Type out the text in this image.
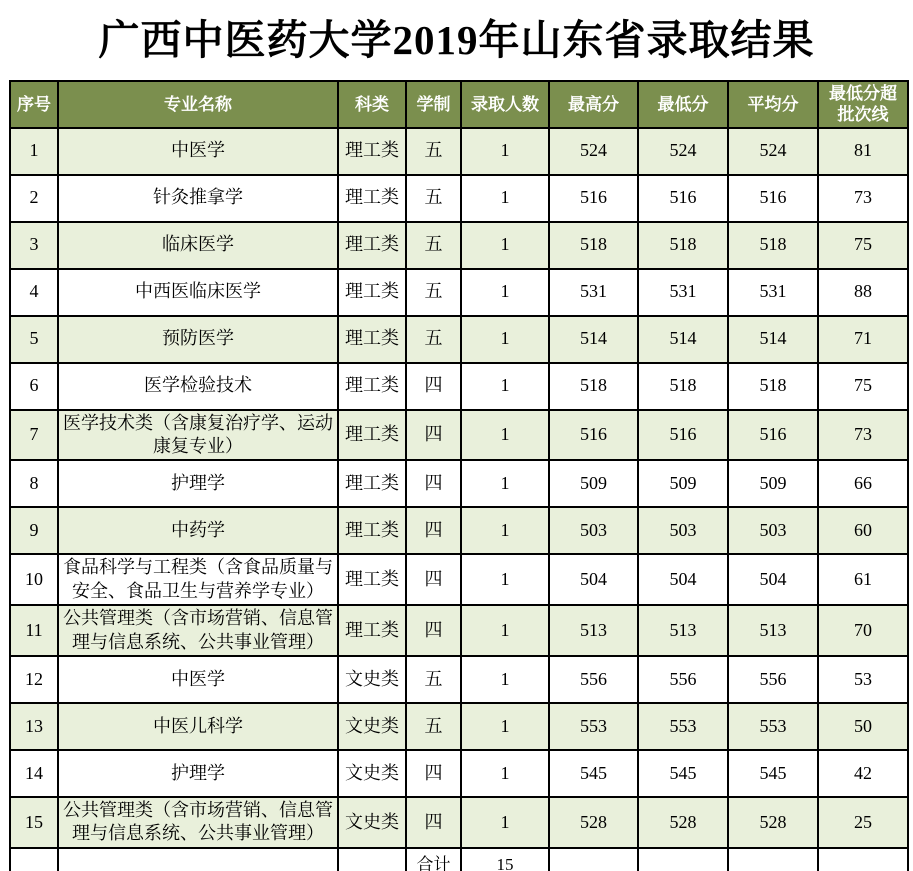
广西中医药大学2019年山东省录取结果
序号	专业名称	科类	学制	录取人数	最高分	最低分	平均分	最低分超批次线
1	中医学	理工类	五	1	524	524	524	81
2	针灸推拿学	理工类	五	1	516	516	516	73
3	临床医学	理工类	五	1	518	518	518	75
4	中西医临床医学	理工类	五	1	531	531	531	88
5	预防医学	理工类	五	1	514	514	514	71
6	医学检验技术	理工类	四	1	518	518	518	75
7	医学技术类（含康复治疗学、运动康复专业）	理工类	四	1	516	516	516	73
8	护理学	理工类	四	1	509	509	509	66
9	中药学	理工类	四	1	503	503	503	60
10	食品科学与工程类（含食品质量与安全、食品卫生与营养学专业）	理工类	四	1	504	504	504	61
11	公共管理类（含市场营销、信息管理与信息系统、公共事业管理）	理工类	四	1	513	513	513	70
12	中医学	文史类	五	1	556	556	556	53
13	中医儿科学	文史类	五	1	553	553	553	50
14	护理学	文史类	四	1	545	545	545	42
15	公共管理类（含市场营销、信息管理与信息系统、公共事业管理）	文史类	四	1	528	528	528	25
			合计	15				
